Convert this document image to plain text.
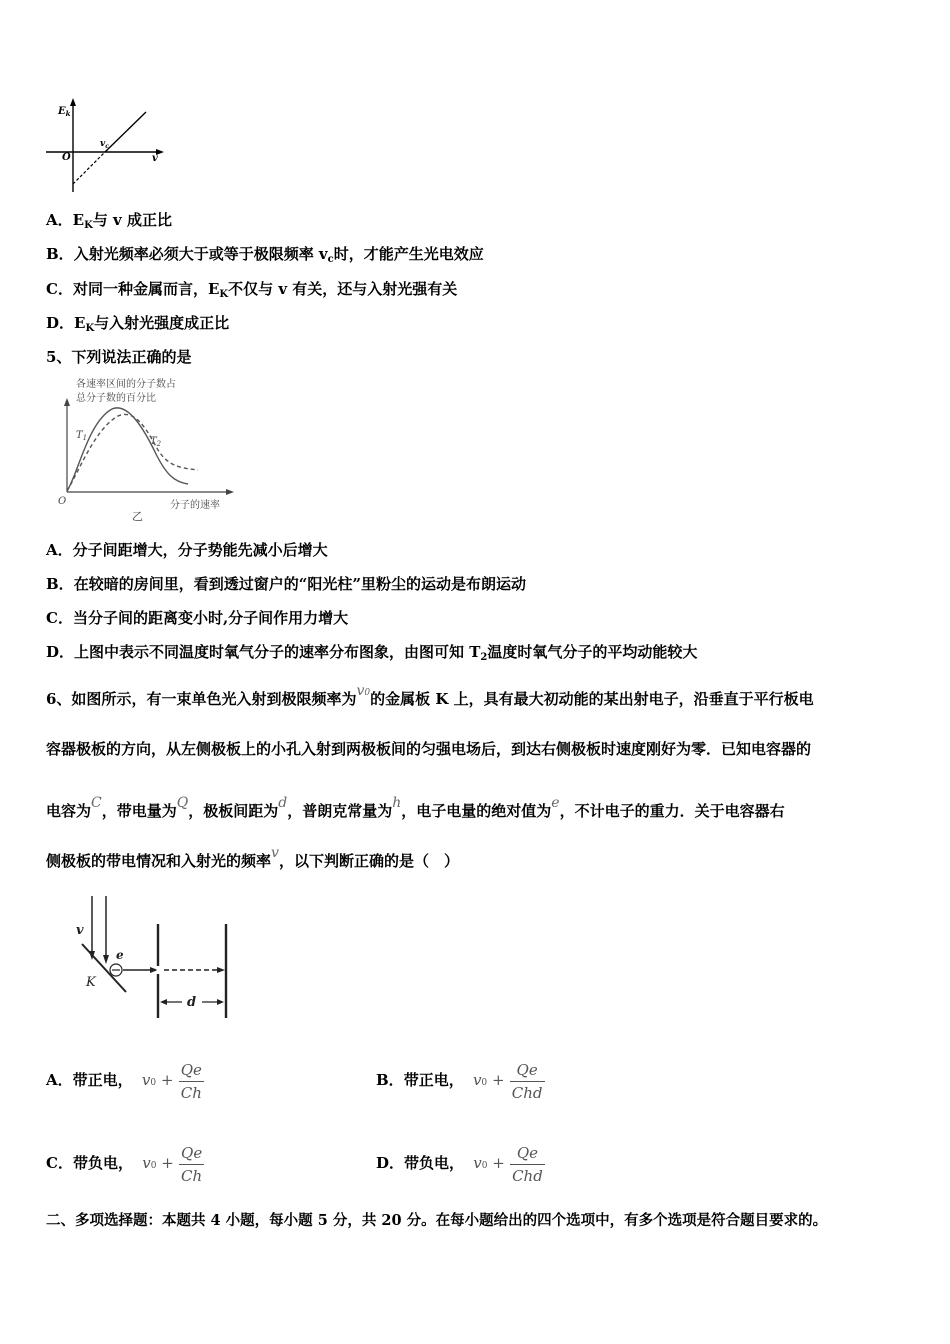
$E_k$
O	v
$v_c$
A．$E_K$与 v 成正比
B．入射光频率必须大于或等于极限频率 $v_c$时，才能产生光电效应
C．对同一种金属而言，$E_K$不仅与 v 有关，还与入射光强有关
D．$E_K$与入射光强度成正比
5、下列说法正确的是
各速率区间的分子数占
总分子数的百分比
$T_1$	$T_2$
O	分子的速率
乙
A．分子间距增大，分子势能先减小后增大
B．在较暗的房间里，看到透过窗户的“阳光柱”里粉尘的运动是布朗运动
C．当分子间的距离变小时,分子间作用力增大
D．上图中表示不同温度时氧气分子的速率分布图象，由图可知 $T_2$温度时氧气分子的平均动能较大
6、如图所示，有一束单色光入射到极限频率为v0的金属板 K 上，具有最大初动能的某出射电子，沿垂直于平行板电
容器极板的方向，从左侧极板上的小孔入射到两极板间的匀强电场后，到达右侧极板时速度刚好为零．已知电容器的
电容为C，带电量为Q，极板间距为d，普朗克常量为h，电子电量的绝对值为e，不计电子的重力．关于电容器右
侧极板的带电情况和入射光的频率v，以下判断正确的是（　）
v
K
e
d
A．带正电， $v0 + \frac{Qe}{Ch}$	B．带正电， $v0 + \frac{Qe}{\text{Chd}}$
C．带负电， $v0 + \frac{Qe}{Ch}$	D．带负电， $v0 + \frac{Qe}{\text{Chd}}$
二、多项选择题：本题共 4 小题，每小题 5 分，共 20 分。在每小题给出的四个选项中，有多个选项是符合题目要求的。
